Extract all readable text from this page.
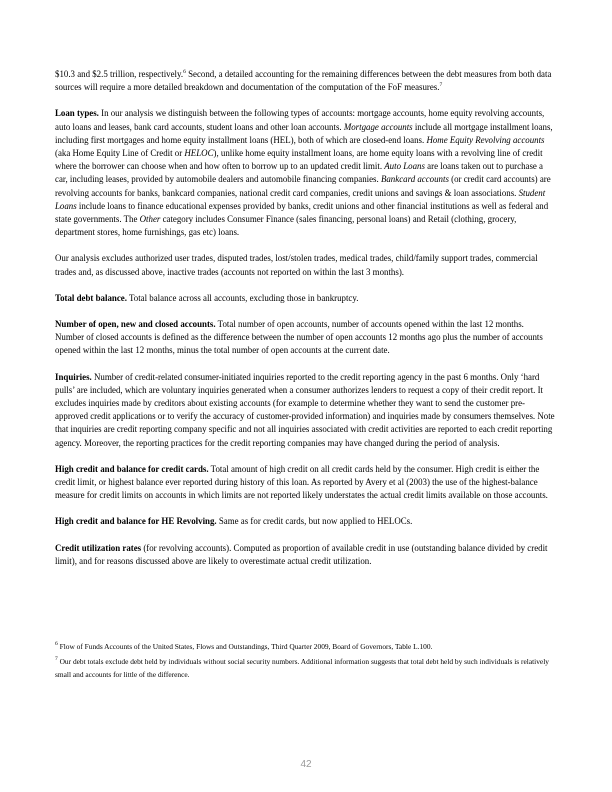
$10.3 and $2.5 trillion, respectively.$^6$ Second, a detailed accounting for the remaining differences between the debt measures from both data sources will require a more detailed breakdown and documentation of the computation of the FoF measures.$^7$

Loan types. In our analysis we distinguish between the following types of accounts: mortgage accounts, home equity revolving accounts, auto loans and leases, bank card accounts, student loans and other loan accounts. Mortgage accounts include all mortgage installment loans, including first mortgages and home equity installment loans (HEL), both of which are closed-end loans. Home Equity Revolving accounts (aka Home Equity Line of Credit or HELOC), unlike home equity installment loans, are home equity loans with a revolving line of credit where the borrower can choose when and how often to borrow up to an updated credit limit. Auto Loans are loans taken out to purchase a car, including leases, provided by automobile dealers and automobile financing companies. Bankcard accounts (or credit card accounts) are revolving accounts for banks, bankcard companies, national credit card companies, credit unions and savings & loan associations. Student Loans include loans to finance educational expenses provided by banks, credit unions and other financial institutions as well as federal and state governments. The Other category includes Consumer Finance (sales financing, personal loans) and Retail (clothing, grocery, department stores, home furnishings, gas etc) loans.

Our analysis excludes authorized user trades, disputed trades, lost/stolen trades, medical trades, child/family support trades, commercial trades and, as discussed above, inactive trades (accounts not reported on within the last 3 months).

Total debt balance. Total balance across all accounts, excluding those in bankruptcy.

Number of open, new and closed accounts. Total number of open accounts, number of accounts opened within the last 12 months. Number of closed accounts is defined as the difference between the number of open accounts 12 months ago plus the number of accounts opened within the last 12 months, minus the total number of open accounts at the current date.

Inquiries. Number of credit-related consumer-initiated inquiries reported to the credit reporting agency in the past 6 months. Only ‘hard pulls’ are included, which are voluntary inquiries generated when a consumer authorizes lenders to request a copy of their credit report. It excludes inquiries made by creditors about existing accounts (for example to determine whether they want to send the customer pre-approved credit applications or to verify the accuracy of customer-provided information) and inquiries made by consumers themselves. Note that inquiries are credit reporting company specific and not all inquiries associated with credit activities are reported to each credit reporting agency. Moreover, the reporting practices for the credit reporting companies may have changed during the period of analysis.

High credit and balance for credit cards. Total amount of high credit on all credit cards held by the consumer. High credit is either the credit limit, or highest balance ever reported during history of this loan. As reported by Avery et al (2003) the use of the highest-balance measure for credit limits on accounts in which limits are not reported likely understates the actual credit limits available on those accounts.

High credit and balance for HE Revolving. Same as for credit cards, but now applied to HELOCs.

Credit utilization rates (for revolving accounts). Computed as proportion of available credit in use (outstanding balance divided by credit limit), and for reasons discussed above are likely to overestimate actual credit utilization.

$^6$ Flow of Funds Accounts of the United States, Flows and Outstandings, Third Quarter 2009, Board of Governors, Table L.100.
$^7$ Our debt totals exclude debt held by individuals without social security numbers. Additional information suggests that total debt held by such individuals is relatively small and accounts for little of the difference.
42
